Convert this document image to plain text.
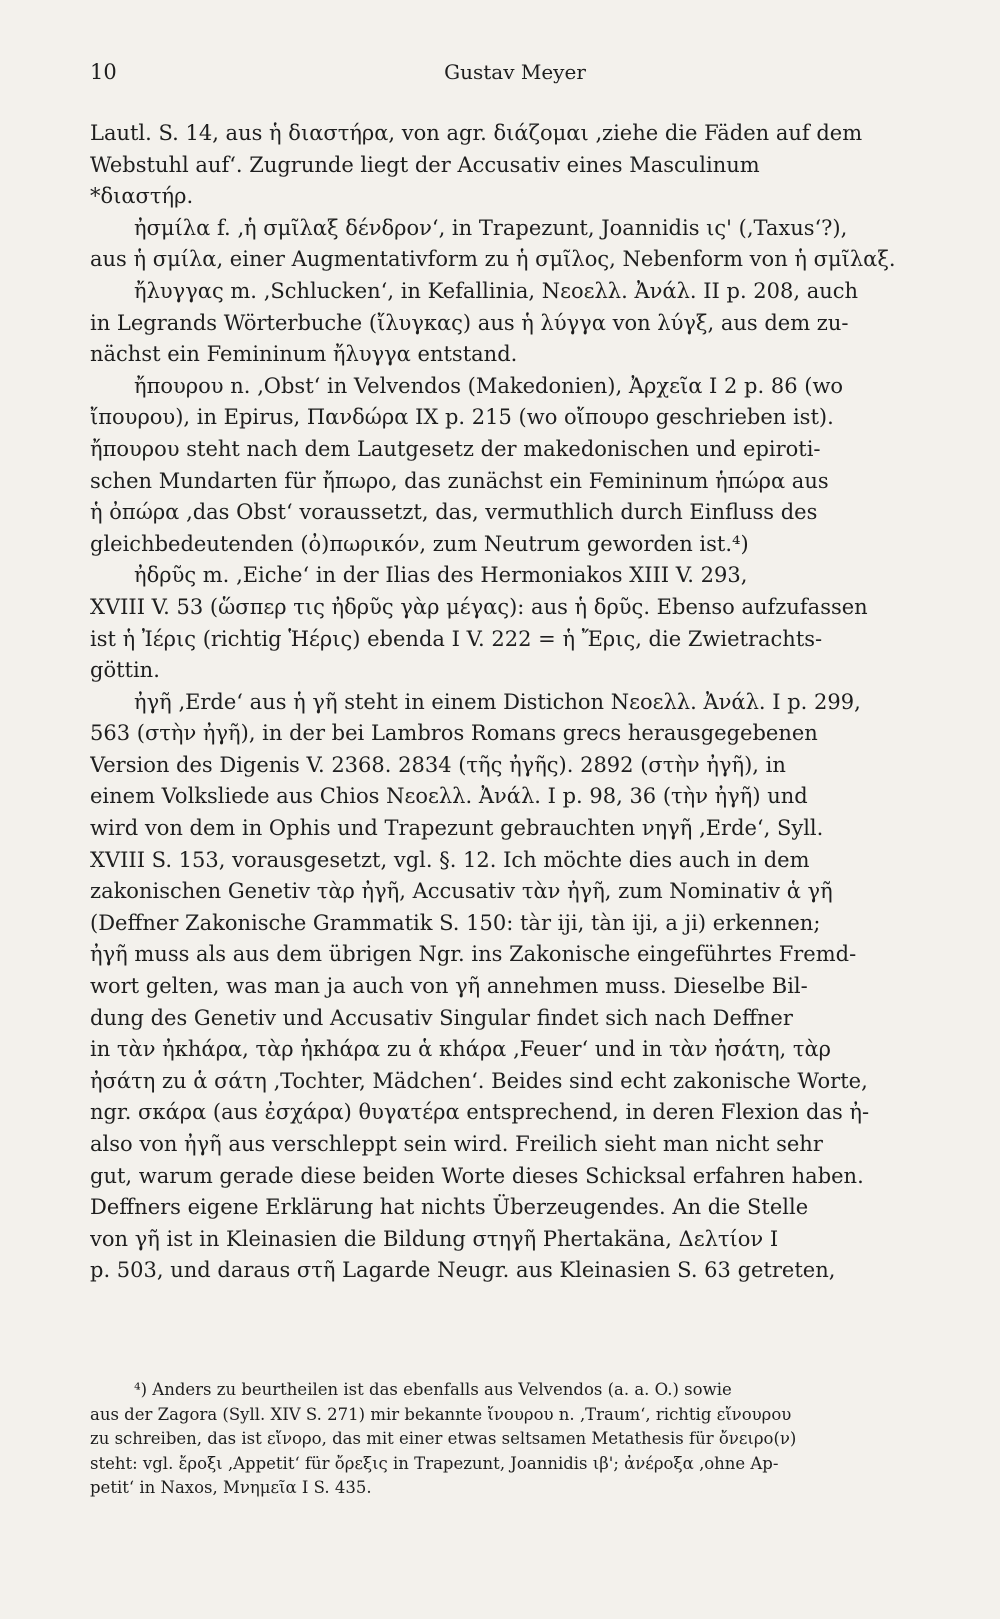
10	Gustav Meyer
Lautl. S. 14, aus ἡ διαστήρα, von agr. διάζομαι ‚ziehe die Fäden auf dem
Webstuhl auf‘. Zugrunde liegt der Accusativ eines Masculinum
*διαστήρ.
ἠσμίλα f. ‚ἡ σμῖλαξ δένδρον‘, in Trapezunt, Joannidis ις' (‚Taxus‘?),
aus ἡ σμίλα, einer Augmentativform zu ἡ σμῖλος, Nebenform von ἡ σμῖλαξ.
ἤλυγγας m. ‚Schlucken‘, in Kefallinia, Νεοελλ. Ἀνάλ. II p. 208, auch
in Legrands Wörterbuche (ἴλυγκας) aus ἡ λύγγα von λύγξ, aus dem zu-
nächst ein Femininum ἤλυγγα entstand.
ἤπουρου n. ‚Obst‘ in Velvendos (Makedonien), Ἀρχεῖα I 2 p. 86 (wo
ἴπουρου), in Epirus, Πανδώρα IX p. 215 (wo οἴπουρο geschrieben ist).
ἤπουρου steht nach dem Lautgesetz der makedonischen und epiroti-
schen Mundarten für ἤπωρο, das zunächst ein Femininum ἡπώρα aus
ἡ ὀπώρα ‚das Obst‘ voraussetzt, das, vermuthlich durch Einfluss des
gleichbedeutenden (ὀ)πωρικόν, zum Neutrum geworden ist.⁴)
ἠδρῦς m. ‚Eiche‘ in der Ilias des Hermoniakos XIII V. 293,
XVIII V. 53 (ὥσπερ τις ἠδρῦς γὰρ μέγας): aus ἡ δρῦς. Ebenso aufzufassen
ist ἡ Ἰέρις (richtig Ἡέρις) ebenda I V. 222 = ἡ Ἔρις, die Zwietrachts-
göttin.
ἠγῆ ‚Erde‘ aus ἡ γῆ steht in einem Distichon Νεοελλ. Ἀνάλ. I p. 299,
563 (στὴν ἠγῆ), in der bei Lambros Romans grecs herausgegebenen
Version des Digenis V. 2368. 2834 (τῆς ἠγῆς). 2892 (στὴν ἠγῆ), in
einem Volksliede aus Chios Νεοελλ. Ἀνάλ. I p. 98, 36 (τὴν ἠγῆ) und
wird von dem in Ophis und Trapezunt gebrauchten νηγῆ ‚Erde‘, Syll.
XVIII S. 153, vorausgesetzt, vgl. §. 12. Ich möchte dies auch in dem
zakonischen Genetiv τὰρ ἠγῆ, Accusativ τὰν ἠγῆ, zum Nominativ ἁ γῆ
(Deffner Zakonische Grammatik S. 150: tàr iji, tàn iji, a ji) erkennen;
ἠγῆ muss als aus dem übrigen Ngr. ins Zakonische eingeführtes Fremd-
wort gelten, was man ja auch von γῆ annehmen muss. Dieselbe Bil-
dung des Genetiv und Accusativ Singular findet sich nach Deffner
in τὰν ἠκhάρα, τὰρ ἠκhάρα zu ἁ κhάρα ‚Feuer‘ und in τὰν ἠσάτη, τὰρ
ἠσάτη zu ἁ σάτη ‚Tochter, Mädchen‘. Beides sind echt zakonische Worte,
ngr. σκάρα (aus ἐσχάρα) θυγατέρα entsprechend, in deren Flexion das ἠ-
also von ἠγῆ aus verschleppt sein wird. Freilich sieht man nicht sehr
gut, warum gerade diese beiden Worte dieses Schicksal erfahren haben.
Deffners eigene Erklärung hat nichts Überzeugendes. An die Stelle
von γῆ ist in Kleinasien die Bildung στηγῆ Phertakäna, Δελτίον I
p. 503, und daraus στῆ Lagarde Neugr. aus Kleinasien S. 63 getreten,
⁴) Anders zu beurtheilen ist das ebenfalls aus Velvendos (a. a. O.) sowie
aus der Zagora (Syll. XIV S. 271) mir bekannte ἴνουρου n. ‚Traum‘, richtig εἴνουρου
zu schreiben, das ist εἴνορο, das mit einer etwas seltsamen Metathesis für ὄνειρο(ν)
steht: vgl. ἔροξι ‚Appetit‘ für ὄρεξις in Trapezunt, Joannidis ιβ'; ἀνέροξα ‚ohne Ap-
petit‘ in Naxos, Μνημεῖα I S. 435.
